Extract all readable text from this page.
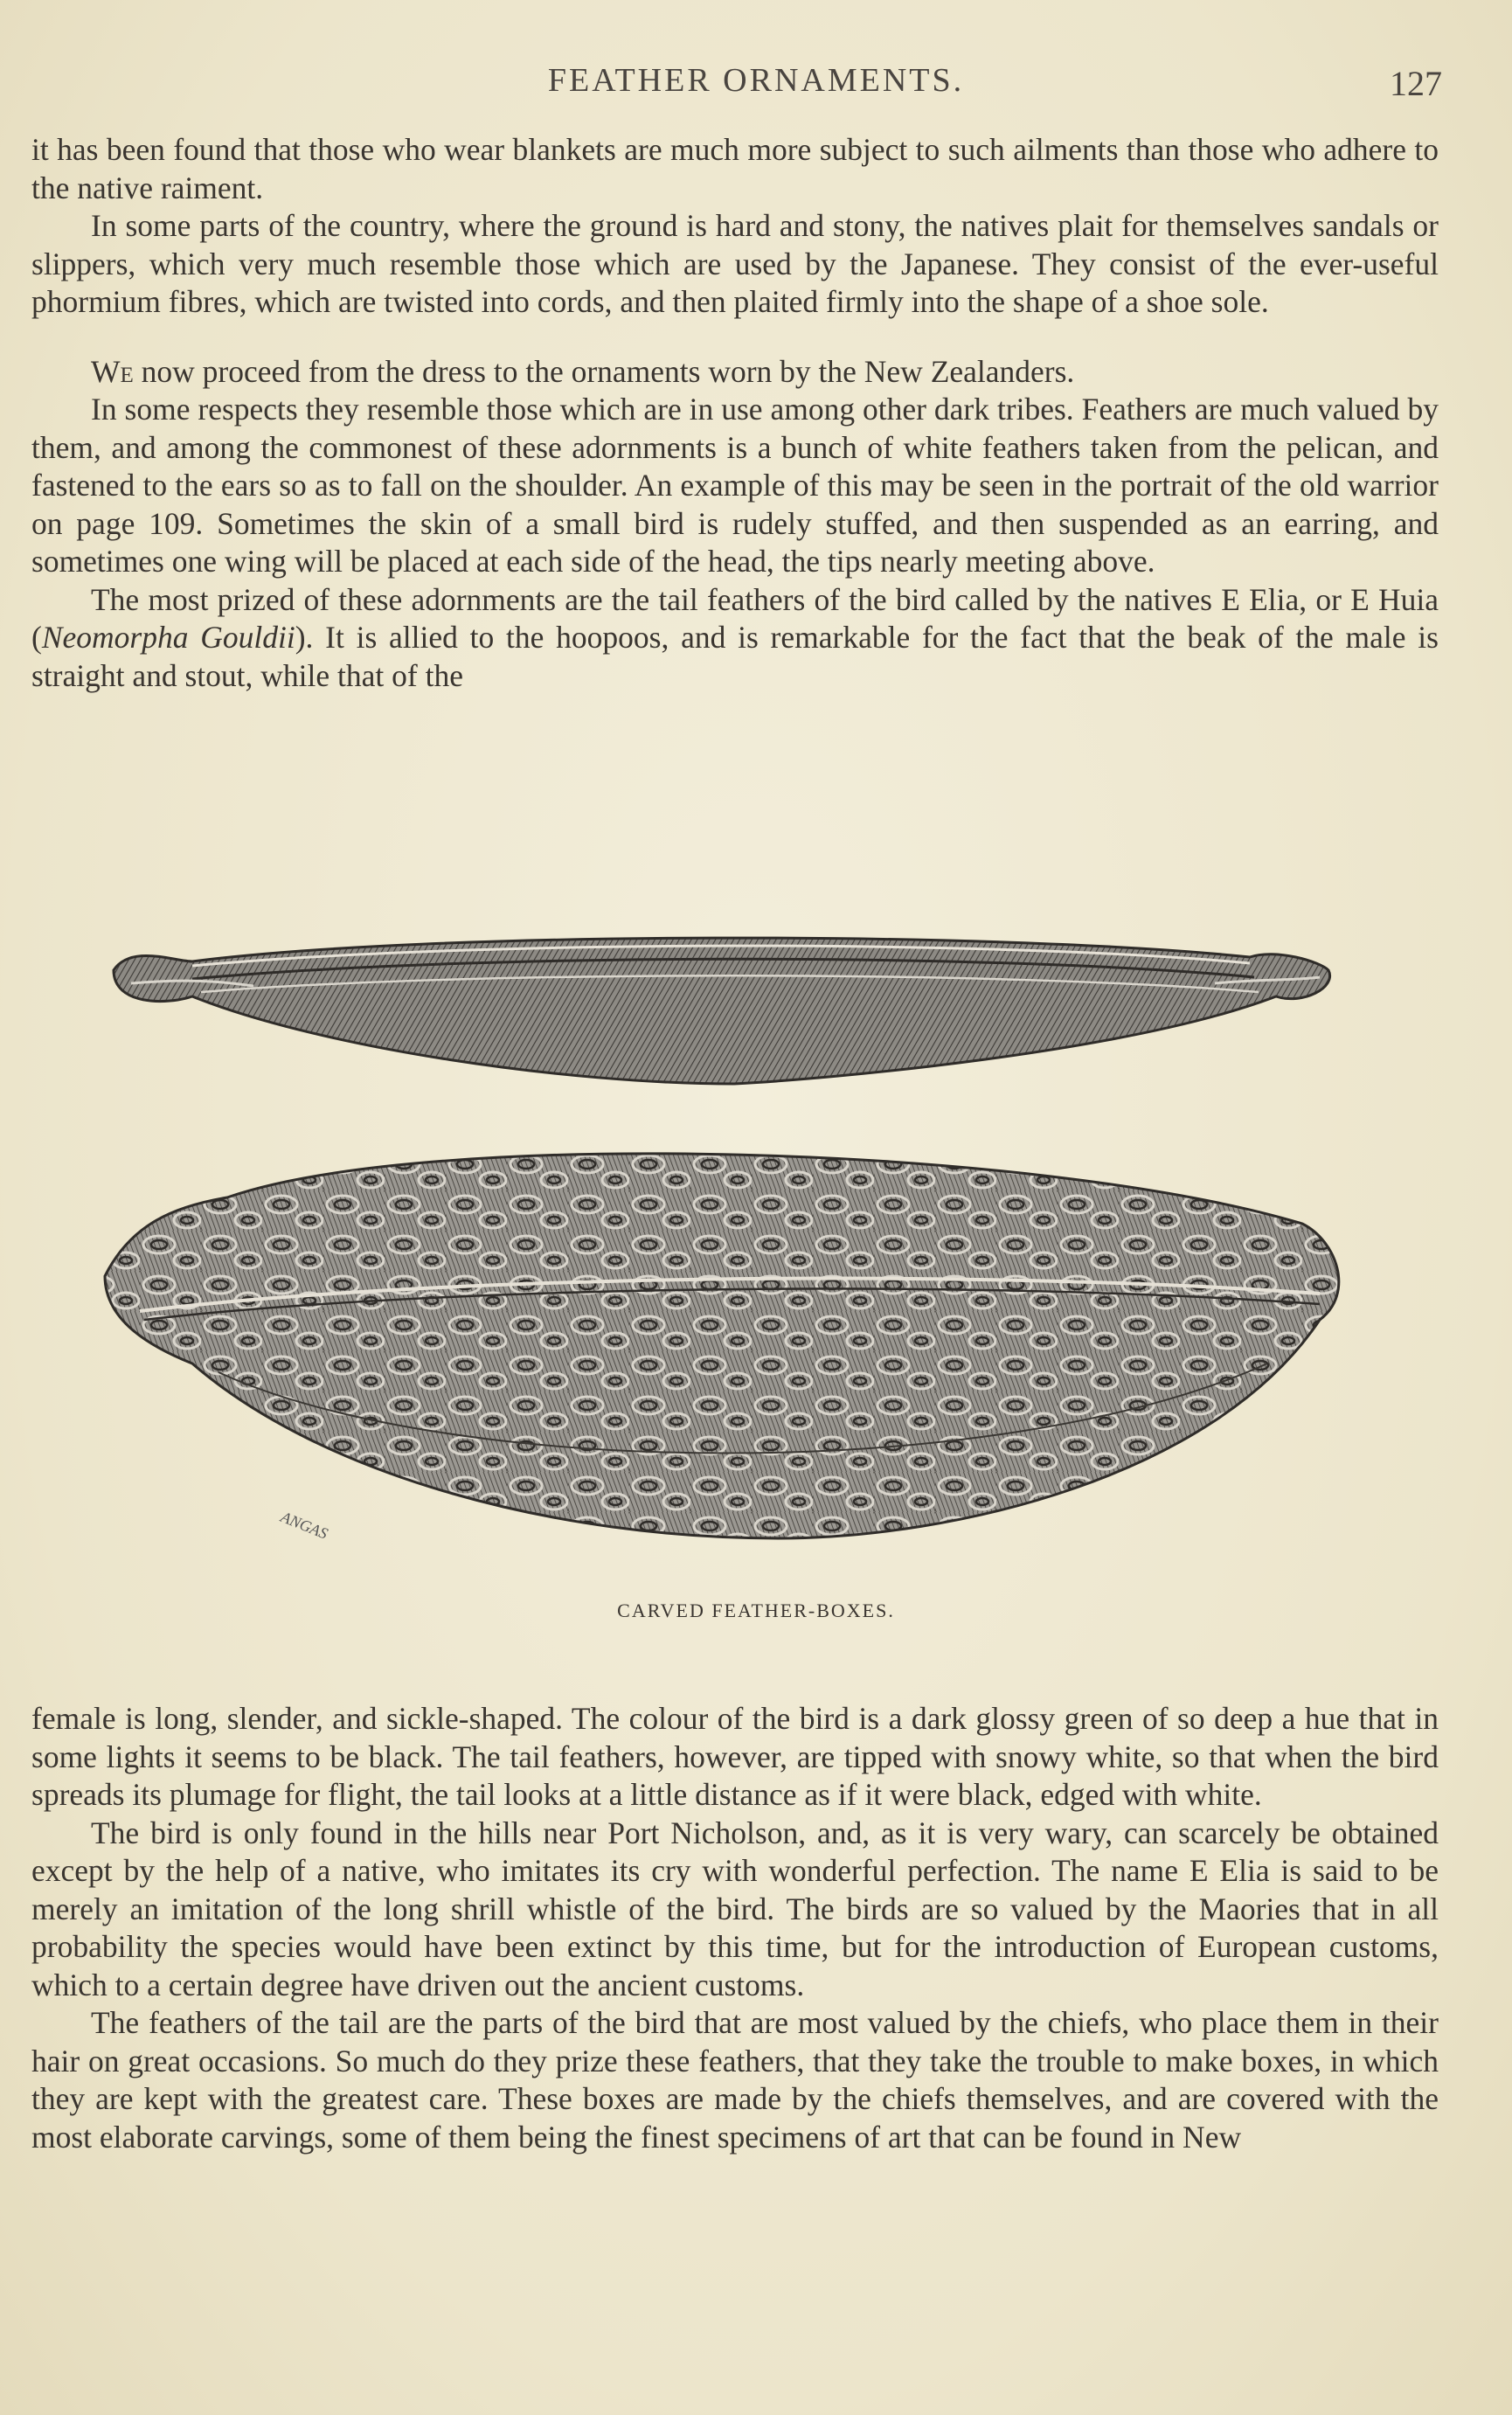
FEATHER ORNAMENTS.	127

it has been found that those who wear blankets are much more subject to such ailments than those who adhere to the native raiment.

In some parts of the country, where the ground is hard and stony, the natives plait for themselves sandals or slippers, which very much resemble those which are used by the Japanese. They consist of the ever-useful phormium fibres, which are twisted into cords, and then plaited firmly into the shape of a shoe sole.

We now proceed from the dress to the ornaments worn by the New Zealanders.

In some respects they resemble those which are in use among other dark tribes. Feathers are much valued by them, and among the commonest of these adornments is a bunch of white feathers taken from the pelican, and fastened to the ears so as to fall on the shoulder. An example of this may be seen in the portrait of the old warrior on page 109. Sometimes the skin of a small bird is rudely stuffed, and then suspended as an earring, and sometimes one wing will be placed at each side of the head, the tips nearly meeting above.

The most prized of these adornments are the tail feathers of the bird called by the natives E Elia, or E Huia (Neomorpha Gouldii). It is allied to the hoopoos, and is remarkable for the fact that the beak of the male is straight and stout, while that of the

ANGAS
CARVED FEATHER-BOXES.

female is long, slender, and sickle-shaped. The colour of the bird is a dark glossy green of so deep a hue that in some lights it seems to be black. The tail feathers, however, are tipped with snowy white, so that when the bird spreads its plumage for flight, the tail looks at a little distance as if it were black, edged with white.

The bird is only found in the hills near Port Nicholson, and, as it is very wary, can scarcely be obtained except by the help of a native, who imitates its cry with wonderful perfection. The name E Elia is said to be merely an imitation of the long shrill whistle of the bird. The birds are so valued by the Maories that in all probability the species would have been extinct by this time, but for the introduction of European customs, which to a certain degree have driven out the ancient customs.

The feathers of the tail are the parts of the bird that are most valued by the chiefs, who place them in their hair on great occasions. So much do they prize these feathers, that they take the trouble to make boxes, in which they are kept with the greatest care. These boxes are made by the chiefs themselves, and are covered with the most elaborate carvings, some of them being the finest specimens of art that can be found in New
